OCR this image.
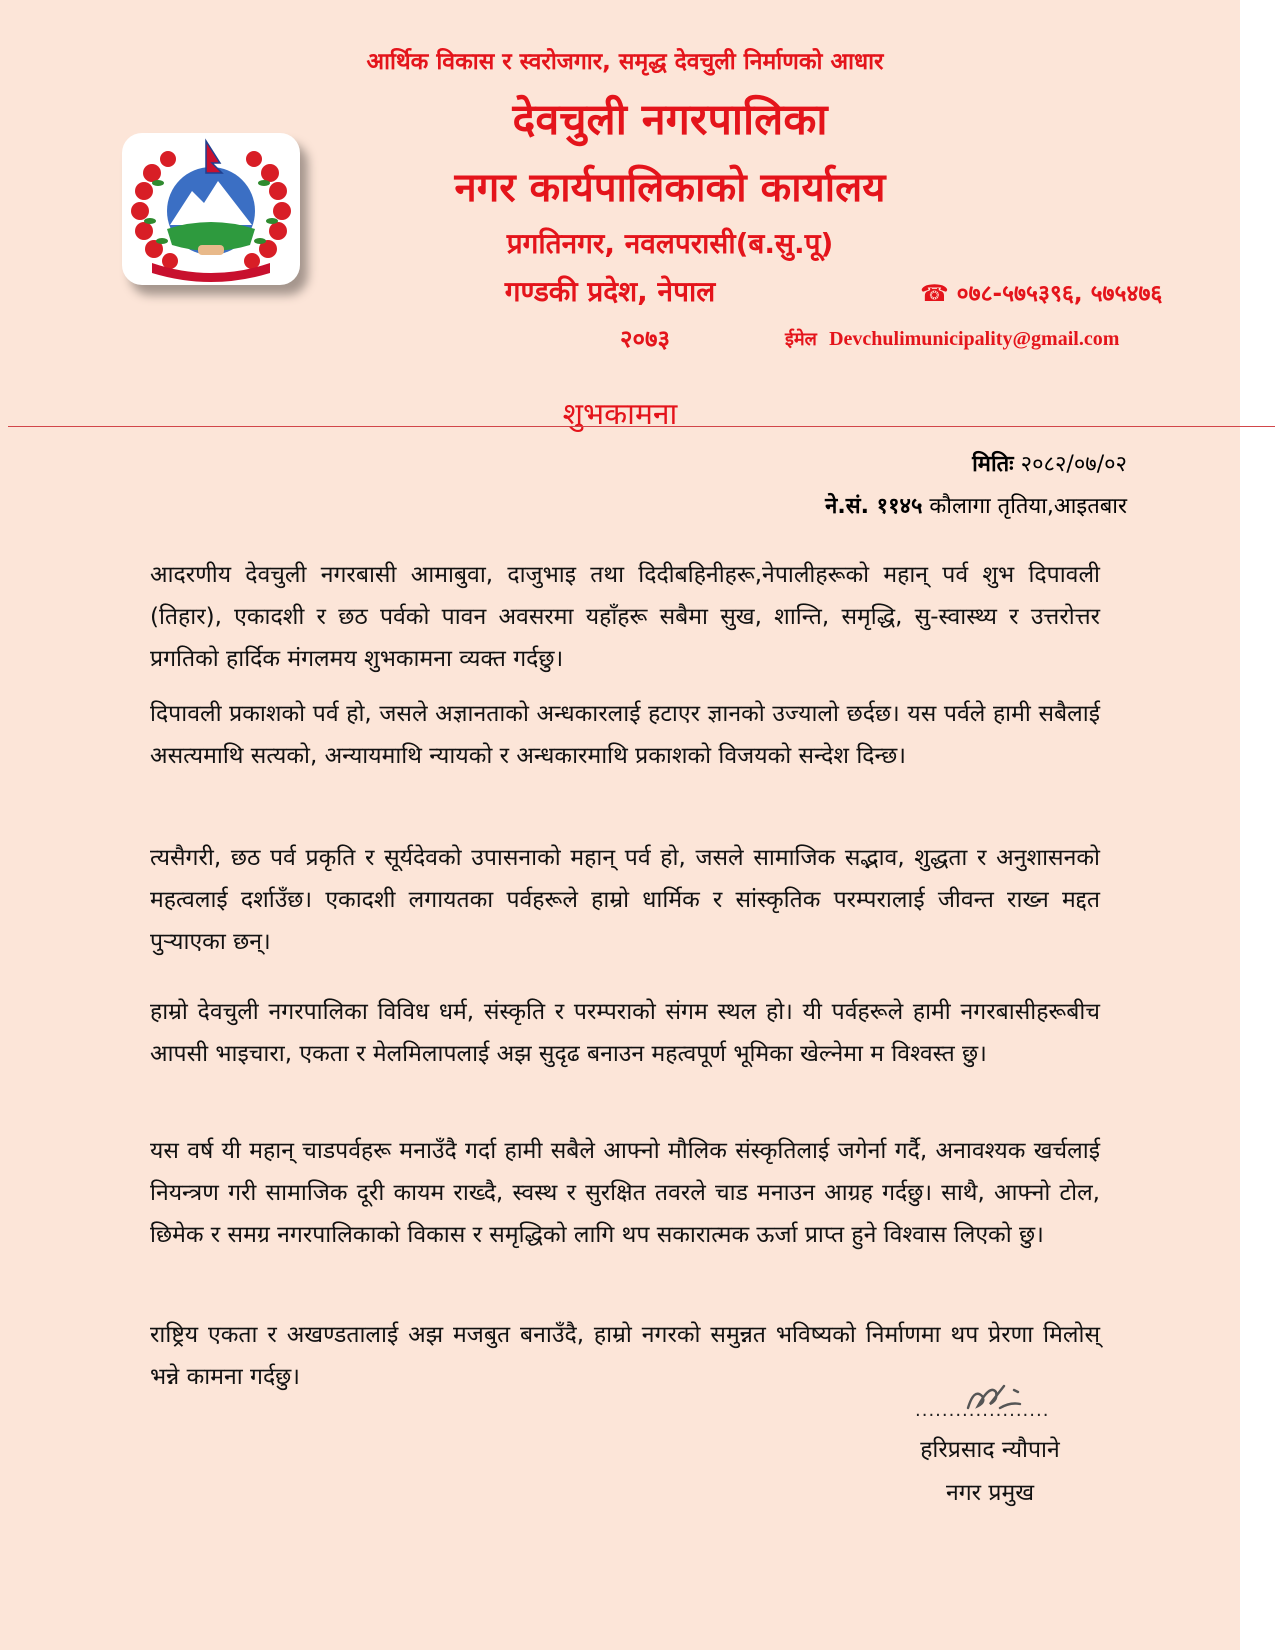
आर्थिक विकास र स्वरोजगार, समृद्ध देवचुली निर्माणको आधार
देवचुली नगरपालिका
नगर कार्यपालिकाको कार्यालय
प्रगतिनगर, नवलपरासी(ब.सु.पू)
गण्डकी प्रदेश, नेपाल
२०७३
☎ ०७८-५७५३९६, ५७५४७६
ईमेल Devchulimunicipality@gmail.com
शुभकामना
मितिः २०८२/०७/०२
ने.सं. ११४५ कौलागा तृतिया,आइतबार

आदरणीय देवचुली नगरबासी आमाबुवा, दाजुभाइ तथा दिदीबहिनीहरू,नेपालीहरूको महान् पर्व शुभ दिपावली (तिहार), एकादशी र छठ पर्वको पावन अवसरमा यहाँहरू सबैमा सुख, शान्ति, समृद्धि, सु-स्वास्थ्य र उत्तरोत्तर प्रगतिको हार्दिक मंगलमय शुभकामना व्यक्त गर्दछु।

दिपावली प्रकाशको पर्व हो, जसले अज्ञानताको अन्धकारलाई हटाएर ज्ञानको उज्यालो छर्दछ। यस पर्वले हामी सबैलाई असत्यमाथि सत्यको, अन्यायमाथि न्यायको र अन्धकारमाथि प्रकाशको विजयको सन्देश दिन्छ।

त्यसैगरी, छठ पर्व प्रकृति र सूर्यदेवको उपासनाको महान् पर्व हो, जसले सामाजिक सद्भाव, शुद्धता र अनुशासनको महत्वलाई दर्शाउँछ। एकादशी लगायतका पर्वहरूले हाम्रो धार्मिक र सांस्कृतिक परम्परालाई जीवन्त राख्न मद्दत पुर्‍याएका छन्।

हाम्रो देवचुली नगरपालिका विविध धर्म, संस्कृति र परम्पराको संगम स्थल हो। यी पर्वहरूले हामी नगरबासीहरूबीच आपसी भाइचारा, एकता र मेलमिलापलाई अझ सुदृढ बनाउन महत्वपूर्ण भूमिका खेल्नेमा म विश्वस्त छु।

यस वर्ष यी महान् चाडपर्वहरू मनाउँदै गर्दा हामी सबैले आफ्नो मौलिक संस्कृतिलाई जगेर्ना गर्दै, अनावश्यक खर्चलाई नियन्त्रण गरी सामाजिक दूरी कायम राख्दै, स्वस्थ र सुरक्षित तवरले चाड मनाउन आग्रह गर्दछु। साथै, आफ्नो टोल, छिमेक र समग्र नगरपालिकाको विकास र समृद्धिको लागि थप सकारात्मक ऊर्जा प्राप्त हुने विश्वास लिएको छु।

राष्ट्रिय एकता र अखण्डतालाई अझ मजबुत बनाउँदै, हाम्रो नगरको समुन्नत भविष्यको निर्माणमा थप प्रेरणा मिलोस् भन्ने कामना गर्दछु।

....................
हरिप्रसाद न्यौपाने
नगर प्रमुख
